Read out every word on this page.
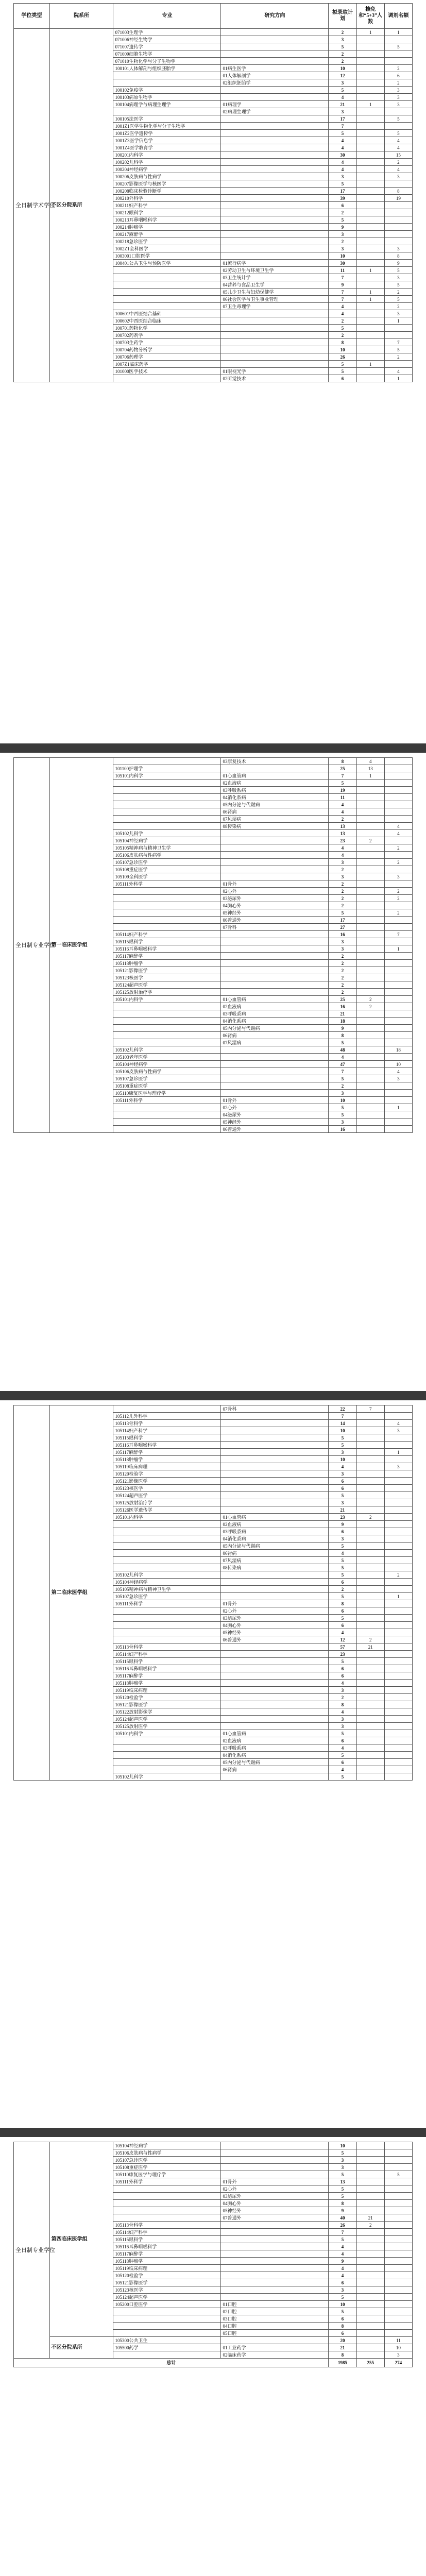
学位类型	院系所	专业	研究方向	拟录取计划	推免和“5+3”人数	调剂名额
全日制学术学位	不区分院系所	071003生理学		2	1	1
		071006神经生物学		3		
		071007遗传学		5		5
		071009细胞生物学		2		
		071010生物化学与分子生物学		2		
		100101人体解剖与组织胚胎学	01病生医学	10		2
			01人体解剖学	12		6
			02组织胚胎学	3		2
		100102免疫学		5		3
		100103病原生物学		4		3
		100104病理学与病理生理学	01病理学	21	1	3
			02病理生理学	3		
		100105法医学		17		5
		1001Z1医学生物化学与分子生物学		7		
		1001Z2医学遗传学		5		5
		1001Z3医学信息学		4		4
		1001Z4医学教育学		4		4
		100201内科学		30		15
		100202儿科学		4		2
		100204神经病学		4		4
		100206皮肤病与性病学		3		3
		100207影像医学与核医学		5		
		100208临床检验诊断学		17		8
		100210外科学		39		19
		100211妇产科学		6		
		100212眼科学		2		
		100213耳鼻咽喉科学		5		
		100214肿瘤学		9		
		100217麻醉学		3		
		100218急诊医学		2		
		1002Z1全科医学		3		3
		1003001口腔医学		10		8
		100401公共卫生与预防医学	01流行病学	30		9
			02劳动卫生与环境卫生学	11	1	5
			03卫生统计学	7		3
			04营养与食品卫生学	9		5
			05儿少卫生与妇幼保健学	7	1	2
			06社会医学与卫生事业管理	7	1	5
			07卫生毒理学	4		2
		100601中西医结合基础		4		3
		100602中西医结合临床		2		1
		100701药物化学		5		
		100702药剂学		2		
		100703生药学		8		7
		100704药物分析学		10		5
		100706药理学		26		2
		1007Z1临床药学		5	1	
		101000医学技术	01眼视光学	5		4
			02听觉技术	6		1
全日制专业学位	第一临床医学组		03康复技术	8	4	
		101100护理学		25	13	
		105101内科学	01心血管病	7	1	
			02血液病	5		
			03呼吸系病	19		
			04消化系病	11		
			05内分泌与代谢病	4		
			06肾病	4		
			07风湿病	2		
			08传染病	13		4
		105102儿科学		13		4
		105104神经病学		23	2	
		105105精神病与精神卫生学		4		2
		105106皮肤病与性病学		4		
		105107急诊医学		3		2
		105108重症医学		2		
		105109全科医学		3		3
		105111外科学	01骨外	2		
			02心外	2		2
			03泌尿外	2		2
			04胸心外	2		
			05神经外	5		2
			06普通外	17		
			07骨科	27		
		105114妇产科学		16		7
		105115眼科学		3		
		105116耳鼻咽喉科学		3		1
		105117麻醉学		2		
		105118肿瘤学		2		
		105121影像医学		2		
		105123核医学		2		
		105124超声医学		2		
		105125放射治疗学		2		
		105101内科学	01心血管病	25	2	
			02血液病	16	2	
			03呼吸系病	21		
			04消化系病	18		
			05内分泌与代谢病	9		
			06肾病	8		
			07风湿病	5		
		105102儿科学		48		18
		105103老年医学		4		
		105104神经病学		47		10
		105106皮肤病与性病学		7		4
		105107急诊医学		5		3
		105108重症医学		2		
		105110康复医学与理疗学		3		
		105111外科学	01骨外	10		
			02心外	5		1
			04泌尿外	5		
			05神经外	3		
			06普通外	16		
	第二临床医学组		07骨科	22	7	
		105112儿外科学		7		
		105113骨科学		14		4
		105114妇产科学		10		3
		105115眼科学		5		
		105116耳鼻咽喉科学		5		
		105117麻醉学		3		1
		105118肿瘤学		10		
		105119临床病理		4		3
		105120检验学		3		
		105121影像医学		6		
		105123核医学		6		
		105124超声医学		5		
		105125放射治疗学		3		
		105126医学遗传学		21		
		105101内科学	01心血管病	23	2	
			02血液病	9		
			03呼吸系病	6		
			04消化系病	3		
			05内分泌与代谢病	5		
			06肾病	4		
			07风湿病	5		
			08传染病	5		
		105102儿科学		5		2
		105104神经病学		6		
		105105精神病与精神卫生学		2		
		105107急诊医学		5		1
		105111外科学	01骨外	8		
			02心外	6		
			03泌尿外	5		
			04胸心外	6		
			05神经外	4		
			06普通外	12	2	
		105113骨科学		57	21	
		105114妇产科学		23		
		105115眼科学		5		
		105116耳鼻咽喉科学		6		
		105117麻醉学		6		
		105118肿瘤学		4		
		105119临床病理		3		
		105120检验学		2		
		105121影像医学		8		
		105122放射影像学		4		
		105124超声医学		3		
		105125放射医学		3		
		105101内科学	01心血管病	5		
			02血液病	6		
			03呼吸系病	4		
			04消化系病	5		
			05内分泌与代谢病	6		
			06肾病	4		
		105102儿科学		5		
全日制专业学位	第四临床医学组	105104神经病学		10		
		105106皮肤病与性病学		5		
		105107急诊医学		3		
		105108重症医学		3		
		105110康复医学与理疗学		5		5
		105111外科学	01骨外	13		
			02心外	5		
			03泌尿外	5		
			04胸心外	8		
			05神经外	9		
			07普通外	40	21	
		105113骨科学		26	2	
		105114妇产科学		7		
		105115眼科学		5		
		105116耳鼻咽喉科学		4		
		105117麻醉学		4		
		105118肿瘤学		9		
		105119临床病理		4		
		105120检验学		4		
		105121影像医学		6		
		105123核医学		3		
		105124超声医学		5		
		105200口腔医学	01口腔	10		
			02口腔	5		
			03口腔	6		
			04口腔	8		
			05口腔	6		
	不区分院系所	105300公共卫生		20		11
		105500药学	01工业药学	21		10
			02临床药学	8		3
总计				1985	255	274
